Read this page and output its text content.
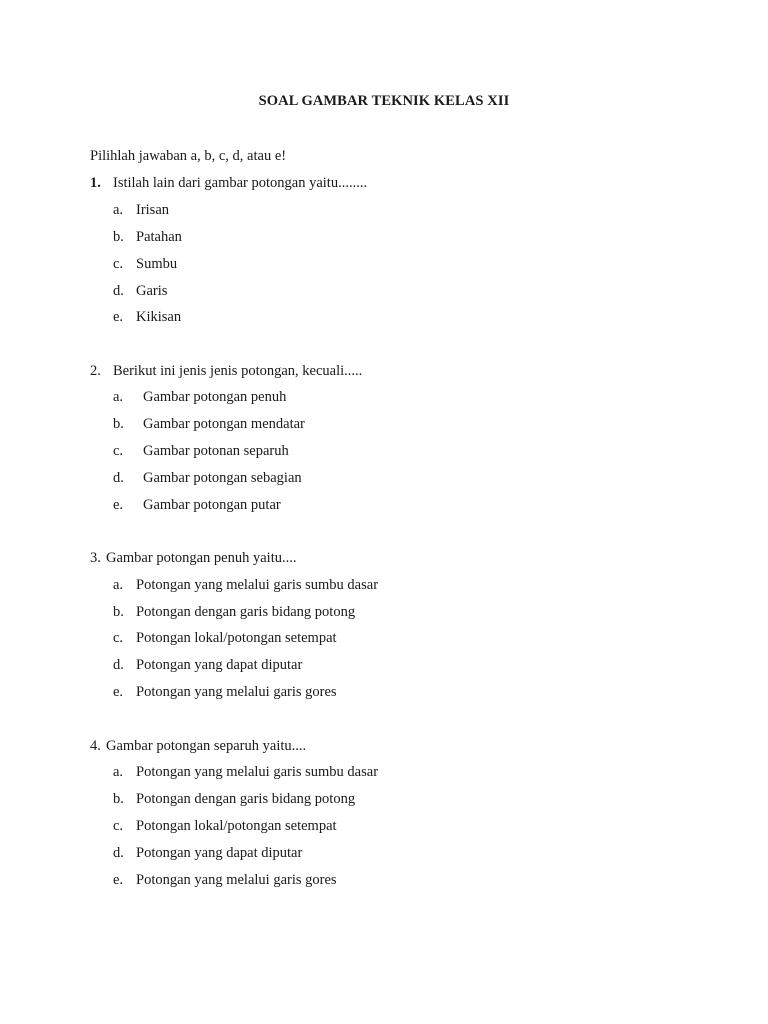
SOAL GAMBAR TEKNIK KELAS XII
Pilihlah jawaban a, b, c, d, atau e!
1. Istilah lain dari gambar potongan yaitu........
a. Irisan
b. Patahan
c. Sumbu
d. Garis
e. Kikisan
2. Berikut ini jenis jenis potongan, kecuali.....
a. Gambar potongan penuh
b. Gambar potongan mendatar
c. Gambar potonan separuh
d. Gambar potongan sebagian
e. Gambar potongan putar
3. Gambar potongan penuh yaitu....
a. Potongan yang melalui garis sumbu dasar
b. Potongan dengan garis bidang potong
c. Potongan lokal/potongan setempat
d. Potongan yang dapat diputar
e. Potongan yang melalui garis gores
4. Gambar potongan separuh yaitu....
a. Potongan yang melalui garis sumbu dasar
b. Potongan dengan garis bidang potong
c. Potongan lokal/potongan setempat
d. Potongan yang dapat diputar
e. Potongan yang melalui garis gores
